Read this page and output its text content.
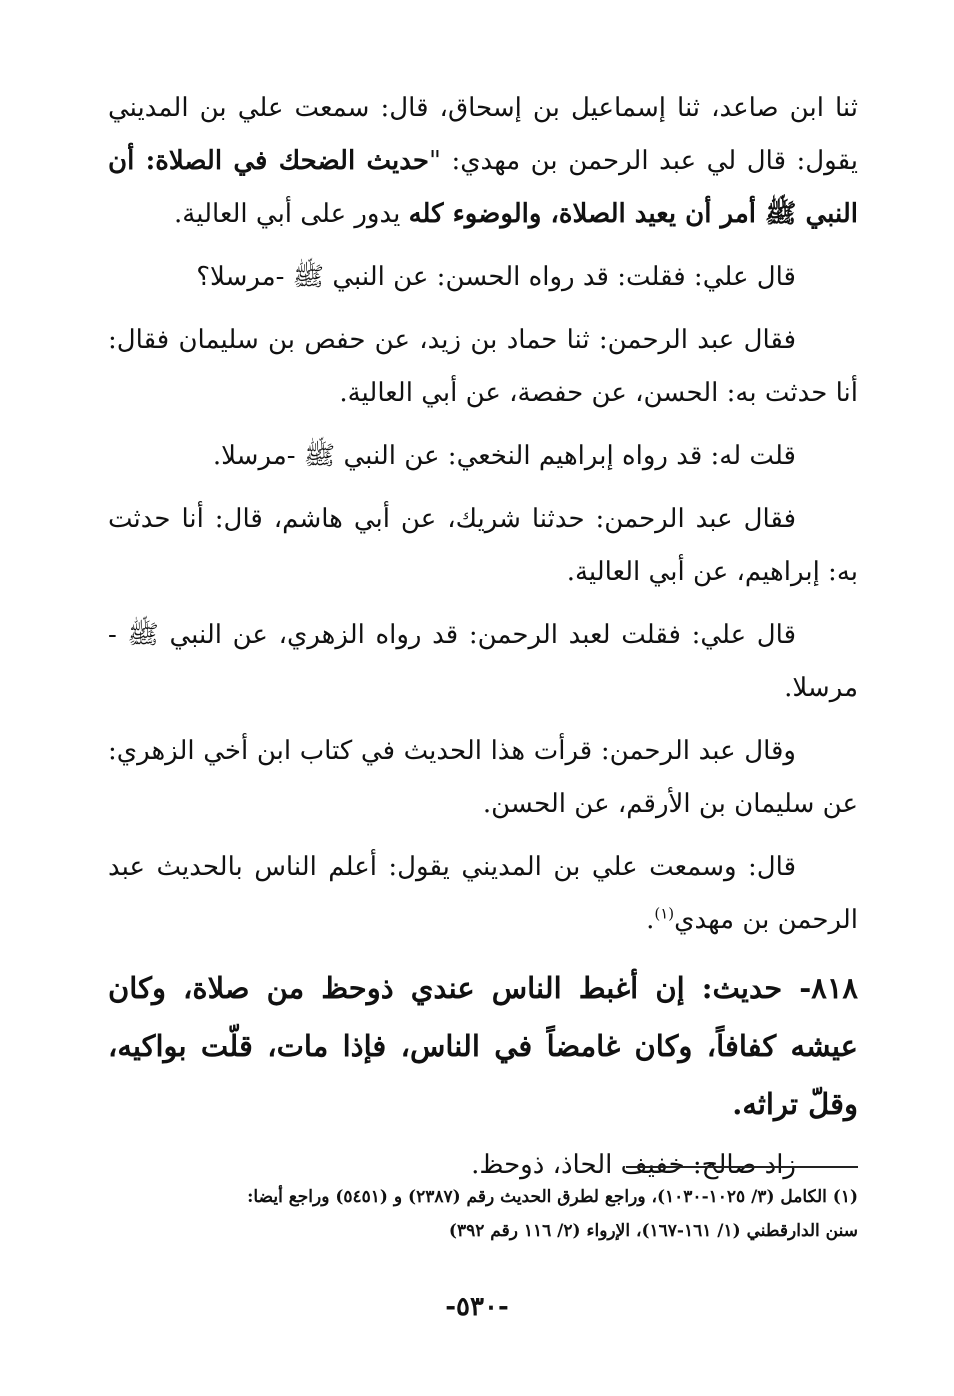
ثنا ابن صاعد، ثنا إسماعيل بن إسحاق، قال: سمعت علي بن المديني يقول: قال لي عبد الرحمن بن مهدي: "حديث الضحك في الصلاة: أن النبي ﷺ أمر أن يعيد الصلاة، والوضوء كله يدور على أبي العالية.

قال علي: فقلت: قد رواه الحسن: عن النبي ﷺ -مرسلا؟

فقال عبد الرحمن: ثنا حماد بن زيد، عن حفص بن سليمان فقال: أنا حدثت به: الحسن، عن حفصة، عن أبي العالية.

قلت له: قد رواه إبراهيم النخعي: عن النبي ﷺ -مرسلا.

فقال عبد الرحمن: حدثنا شريك، عن أبي هاشم، قال: أنا حدثت به: إبراهيم، عن أبي العالية.

قال علي: فقلت لعبد الرحمن: قد رواه الزهري، عن النبي ﷺ - مرسلا.

وقال عبد الرحمن: قرأت هذا الحديث في كتاب ابن أخي الزهري: عن سليمان بن الأرقم، عن الحسن.

قال: وسمعت علي بن المديني يقول: أعلم الناس بالحديث عبد الرحمن بن مهدي$^{(١)}$.

٨١٨- حديث: إن أغبط الناس عندي ذوحظ من صلاة، وكان عيشه كفافاً، وكان غامضاً في الناس، فإذا مات، قلّت بواكيه، وقلّ تراثه.

زاد صالح: خفيف الحاذ، ذوحظ.

(١) الكامل (٣/ ١٠٢٥-١٠٣٠)، وراجع لطرق الحديث رقم (٢٣٨٧) و (٥٤٥١) وراجع أيضا:

سنن الدارقطني (١/ ١٦١-١٦٧)، الإرواء (٢/ ١١٦ رقم ٣٩٢)

-٥٣٠-
